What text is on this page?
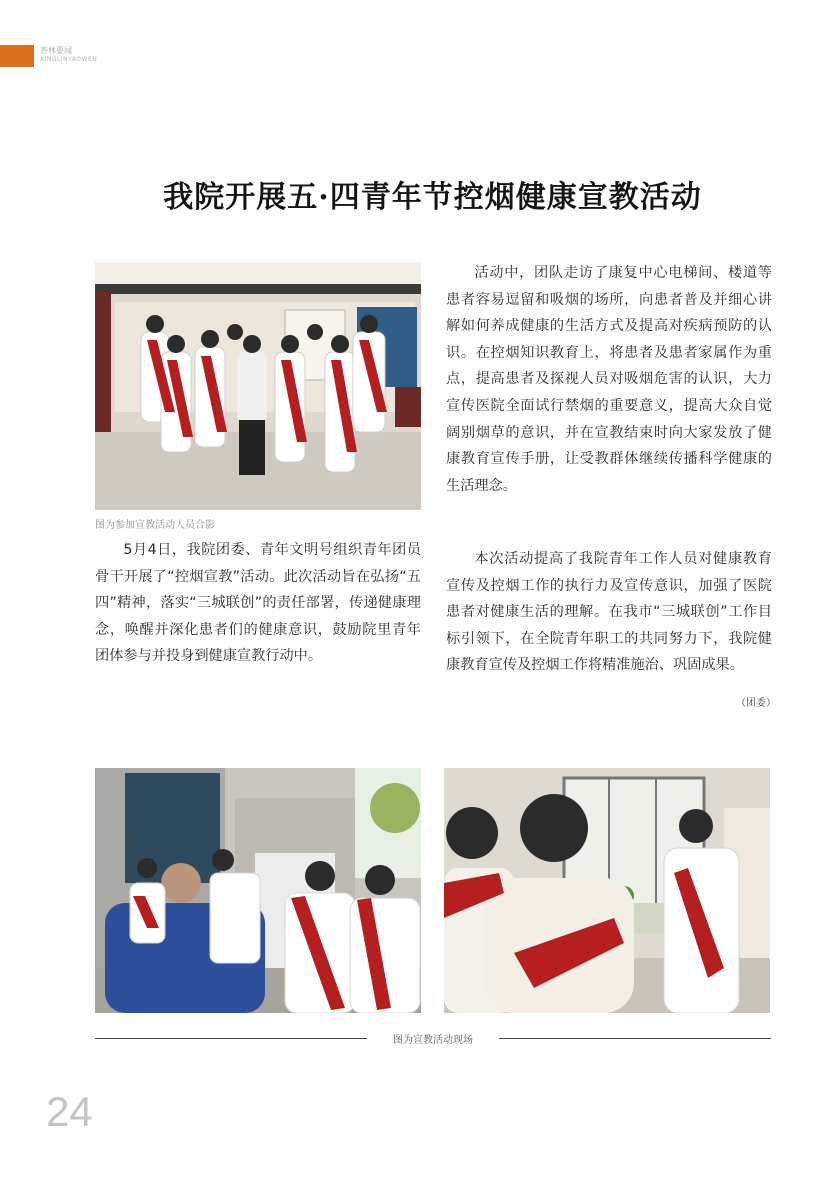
杏林要闻
XINGLINYAOWEN
我院开展五·四青年节控烟健康宣教活动
图为参加宣教活动人员合影

5月4日，我院团委、青年文明号组织青年团员骨干开展了“控烟宣教”活动。此次活动旨在弘扬“五四”精神，落实“三城联创”的责任部署，传递健康理念，唤醒并深化患者们的健康意识，鼓励院里青年团体参与并投身到健康宣教行动中。

活动中，团队走访了康复中心电梯间、楼道等患者容易逗留和吸烟的场所，向患者普及并细心讲解如何养成健康的生活方式及提高对疾病预防的认识。在控烟知识教育上，将患者及患者家属作为重点，提高患者及探视人员对吸烟危害的认识，大力宣传医院全面试行禁烟的重要意义，提高大众自觉阔别烟草的意识，并在宣教结束时向大家发放了健康教育宣传手册，让受教群体继续传播科学健康的生活理念。

本次活动提高了我院青年工作人员对健康教育宣传及控烟工作的执行力及宣传意识，加强了医院患者对健康生活的理解。在我市“三城联创”工作目标引领下，在全院青年职工的共同努力下，我院健康教育宣传及控烟工作将精准施治、巩固成果。

（团委）
图为宣教活动现场
24
